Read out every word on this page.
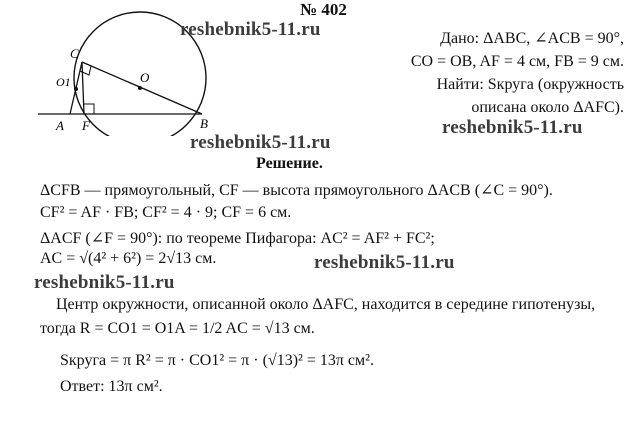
№ 402
C
O1	O
A F	B
reshebnik5-11.ru
reshebnik5-11.ru
reshebnik5-11.ru
reshebnik5-11.ru
reshebnik5-11.ru
Дано: ΔABC, ∠ACB = 90°,
CO = OB, AF = 4 см, FB = 9 см.
Найти: Sкруга (окружность
описана около ΔAFC).
Решение.
ΔCFB — прямоугольный, CF — высота прямоугольного ΔACB (∠C = 90°).
CF² = AF · FB; CF² = 4 · 9; CF = 6 см.
ΔACF (∠F = 90°): по теореме Пифагора: AC² = AF² + FC²;
AC = √(4² + 6²) = 2√13 см.
Центр окружности, описанной около ΔAFC, находится в середине гипотенузы,
тогда R = CO1 = O1A = 1/2 AC = √13 см.
Sкруга = π R² = π · CO1² = π · (√13)² = 13π см².
Ответ: 13π см².
